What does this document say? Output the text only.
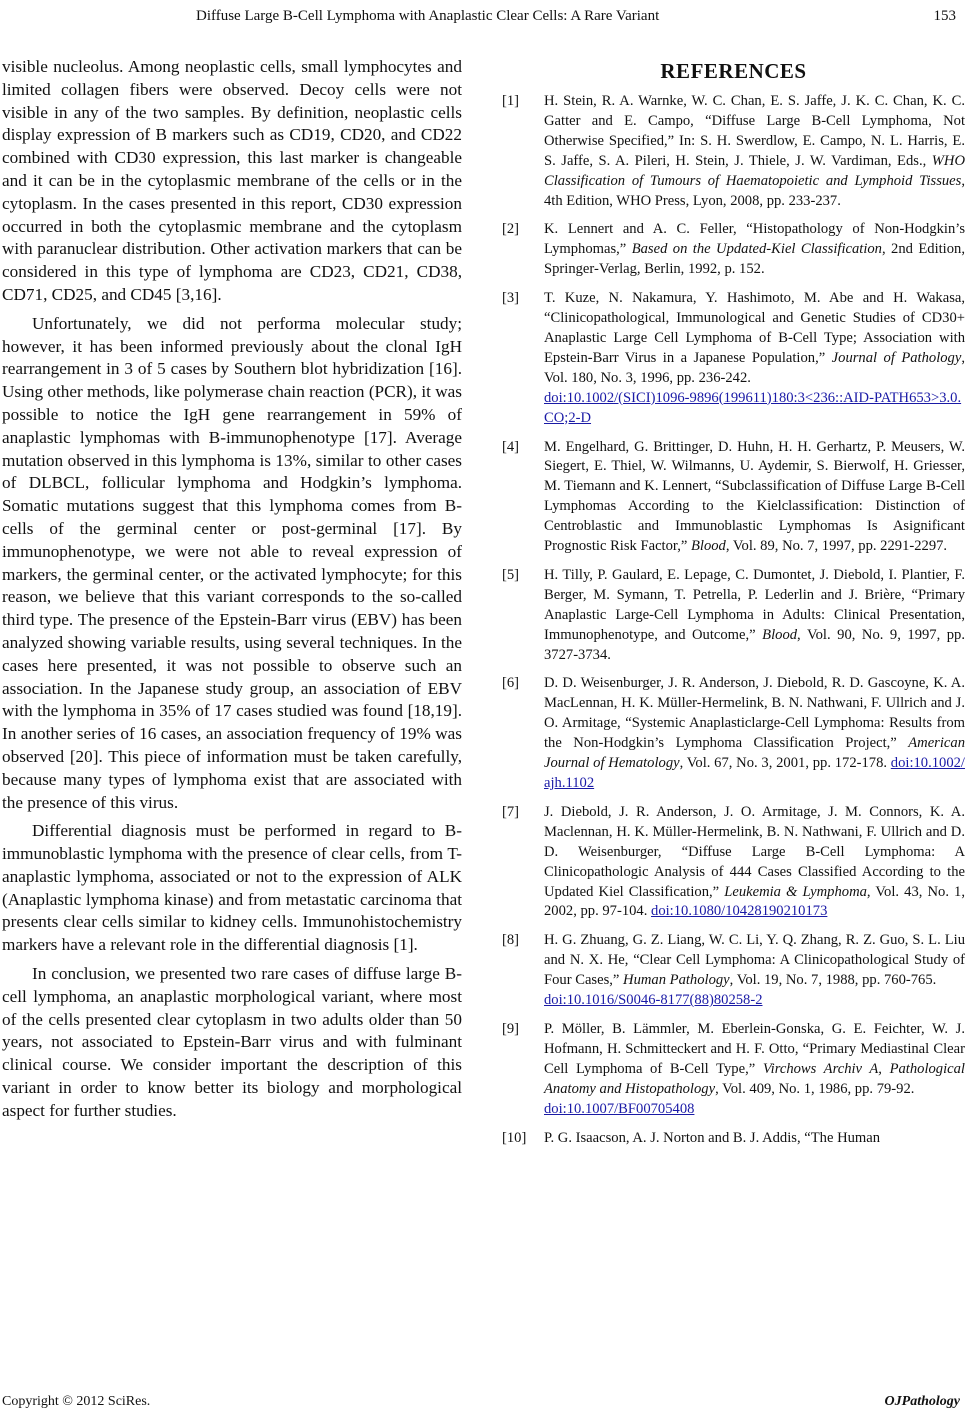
Diffuse Large B-Cell Lymphoma with Anaplastic Clear Cells: A Rare Variant	153

visible nucleolus. Among neoplastic cells, small lymphocytes and limited collagen fibers were observed. Decoy cells were not visible in any of the two samples. By definition, neoplastic cells display expression of B markers such as CD19, CD20, and CD22 combined with CD30 expression, this last marker is changeable and it can be in the cytoplasmic membrane of the cells or in the cytoplasm. In the cases presented in this report, CD30 expression occurred in both the cytoplasmic membrane and the cytoplasm with paranuclear distribution. Other activation markers that can be considered in this type of lymphoma are CD23, CD21, CD38, CD71, CD25, and CD45 [3,16].

Unfortunately, we did not performa molecular study; however, it has been informed previously about the clonal IgH rearrangement in 3 of 5 cases by Southern blot hybridization [16]. Using other methods, like polymerase chain reaction (PCR), it was possible to notice the IgH gene rearrangement in 59% of anaplastic lymphomas with B-immunophenotype [17]. Average mutation observed in this lymphoma is 13%, similar to other cases of DLBCL, follicular lymphoma and Hodgkin’s lymphoma. Somatic mutations suggest that this lymphoma comes from B-cells of the germinal center or post-germinal [17]. By immunophenotype, we were not able to reveal expression of markers, the germinal center, or the activated lymphocyte; for this reason, we believe that this variant corresponds to the so-called third type. The presence of the Epstein-Barr virus (EBV) has been analyzed showing variable results, using several techniques. In the cases here presented, it was not possible to observe such an association. In the Japanese study group, an association of EBV with the lymphoma in 35% of 17 cases studied was found [18,19]. In another series of 16 cases, an association frequency of 19% was observed [20]. This piece of information must be taken carefully, because many types of lymphoma exist that are associated with the presence of this virus.

Differential diagnosis must be performed in regard to B-immunoblastic lymphoma with the presence of clear cells, from T-anaplastic lymphoma, associated or not to the expression of ALK (Anaplastic lymphoma kinase) and from metastatic carcinoma that presents clear cells similar to kidney cells. Immunohistochemistry markers have a relevant role in the differential diagnosis [1].

In conclusion, we presented two rare cases of diffuse large B-cell lymphoma, an anaplastic morphological variant, where most of the cells presented clear cytoplasm in two adults older than 50 years, not associated to Epstein-Barr virus and with fulminant clinical course. We consider important the description of this variant in order to know better its biology and morphological aspect for further studies.

REFERENCES
[1]	H. Stein, R. A. Warnke, W. C. Chan, E. S. Jaffe, J. K. C. Chan, K. C. Gatter and E. Campo, “Diffuse Large B-Cell Lymphoma, Not Otherwise Specified,” In: S. H. Swerdlow, E. Campo, N. L. Harris, E. S. Jaffe, S. A. Pileri, H. Stein, J. Thiele, J. W. Vardiman, Eds., WHO Classification of Tumours of Haematopoietic and Lymphoid Tissues, 4th Edition, WHO Press, Lyon, 2008, pp. 233-237.
[2]	K. Lennert and A. C. Feller, “Histopathology of Non-Hodgkin’s Lymphomas,” Based on the Updated-Kiel Classification, 2nd Edition, Springer-Verlag, Berlin, 1992, p. 152.
[3]	T. Kuze, N. Nakamura, Y. Hashimoto, M. Abe and H. Wakasa, “Clinicopathological, Immunological and Genetic Studies of CD30+ Anaplastic Large Cell Lymphoma of B-Cell Type; Association with Epstein-Barr Virus in a Japanese Population,” Journal of Pathology, Vol. 180, No. 3, 1996, pp. 236-242.
doi:10.1002/(SICI)1096-9896(199611)180:3<236::AID-PATH653>3.0.CO;2-D
[4]	M. Engelhard, G. Brittinger, D. Huhn, H. H. Gerhartz, P. Meusers, W. Siegert, E. Thiel, W. Wilmanns, U. Aydemir, S. Bierwolf, H. Griesser, M. Tiemann and K. Lennert, “Subclassification of Diffuse Large B-Cell Lymphomas According to the Kielclassification: Distinction of Centroblastic and Immunoblastic Lymphomas Is Asignificant Prognostic Risk Factor,” Blood, Vol. 89, No. 7, 1997, pp. 2291-2297.
[5]	H. Tilly, P. Gaulard, E. Lepage, C. Dumontet, J. Diebold, I. Plantier, F. Berger, M. Symann, T. Petrella, P. Lederlin and J. Brière, “Primary Anaplastic Large-Cell Lymphoma in Adults: Clinical Presentation, Immunophenotype, and Outcome,” Blood, Vol. 90, No. 9, 1997, pp. 3727-3734.
[6]	D. D. Weisenburger, J. R. Anderson, J. Diebold, R. D. Gascoyne, K. A. MacLennan, H. K. Müller-Hermelink, B. N. Nathwani, F. Ullrich and J. O. Armitage, “Systemic Anaplasticlarge-Cell Lymphoma: Results from the Non-Hodgkin’s Lymphoma Classification Project,” American Journal of Hematology, Vol. 67, No. 3, 2001, pp. 172-178. doi:10.1002/ajh.1102
[7]	J. Diebold, J. R. Anderson, J. O. Armitage, J. M. Connors, K. A. Maclennan, H. K. Müller-Hermelink, B. N. Nathwani, F. Ullrich and D. D. Weisenburger, “Diffuse Large B-Cell Lymphoma: A Clinicopathologic Analysis of 444 Cases Classified According to the Updated Kiel Classification,” Leukemia & Lymphoma, Vol. 43, No. 1, 2002, pp. 97-104. doi:10.1080/10428190210173
[8]	H. G. Zhuang, G. Z. Liang, W. C. Li, Y. Q. Zhang, R. Z. Guo, S. L. Liu and N. X. He, “Clear Cell Lymphoma: A Clinicopathological Study of Four Cases,” Human Pathology, Vol. 19, No. 7, 1988, pp. 760-765.
doi:10.1016/S0046-8177(88)80258-2
[9]	P. Möller, B. Lämmler, M. Eberlein-Gonska, G. E. Feichter, W. J. Hofmann, H. Schmitteckert and H. F. Otto, “Primary Mediastinal Clear Cell Lymphoma of B-Cell Type,” Virchows Archiv A, Pathological Anatomy and Histopathology, Vol. 409, No. 1, 1986, pp. 79-92.
doi:10.1007/BF00705408
[10]	P. G. Isaacson, A. J. Norton and B. J. Addis, “The Human
Copyright © 2012 SciRes.	OJPathology
